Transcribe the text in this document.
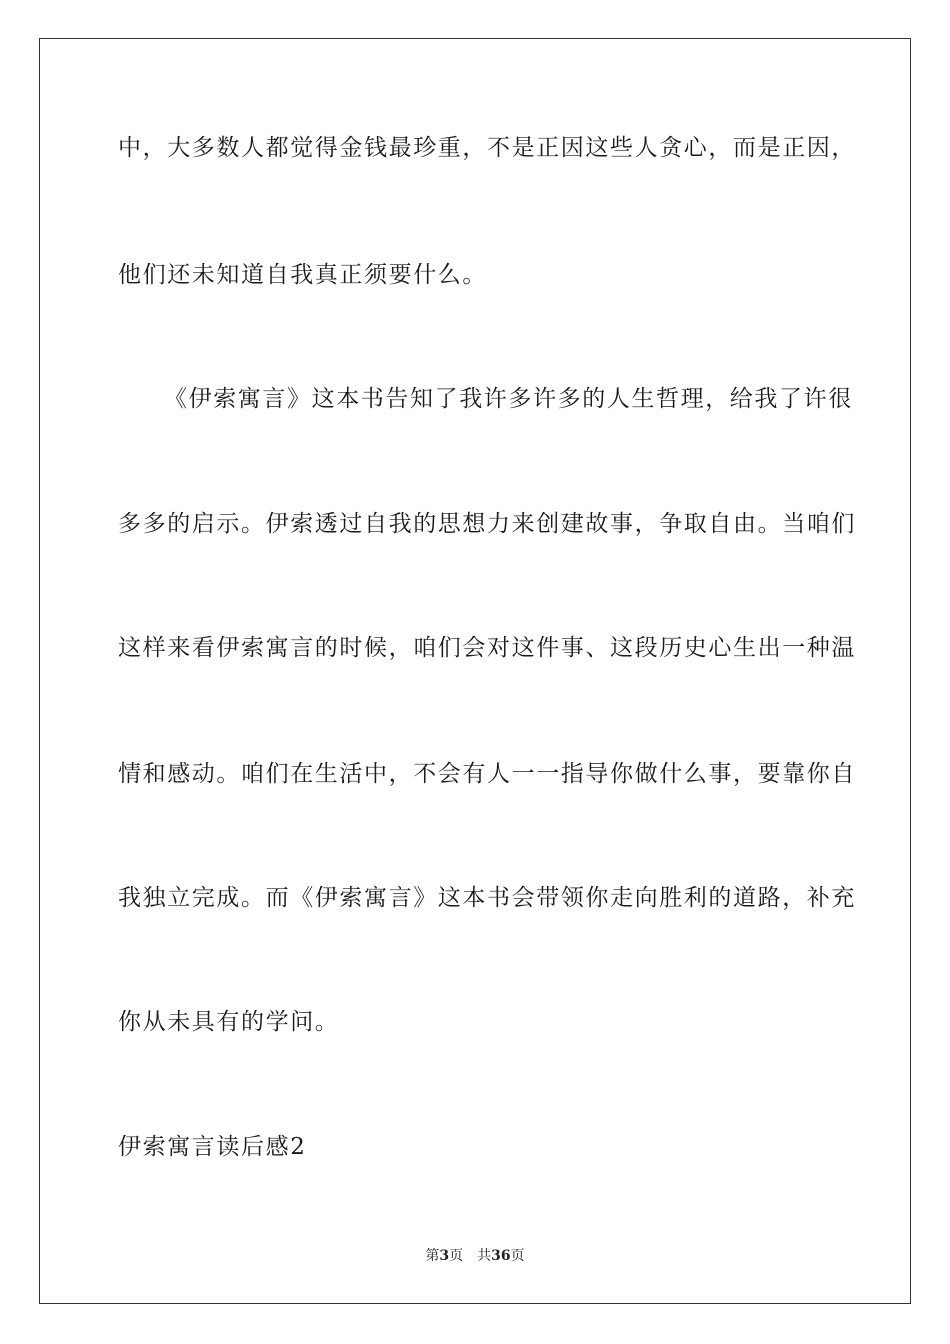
中，大多数人都觉得金钱最珍重，不是正因这些人贪心，而是正因，
他们还未知道自我真正须要什么。
《伊索寓言》这本书告知了我许多许多的人生哲理，给我了许很
多多的启示。伊索透过自我的思想力来创建故事，争取自由。当咱们
这样来看伊索寓言的时候，咱们会对这件事、这段历史心生出一种温
情和感动。咱们在生活中，不会有人一一指导你做什么事，要靠你自
我独立完成。而《伊索寓言》这本书会带领你走向胜利的道路，补充
你从未具有的学问。
伊索寓言读后感2
第3页 共36页
